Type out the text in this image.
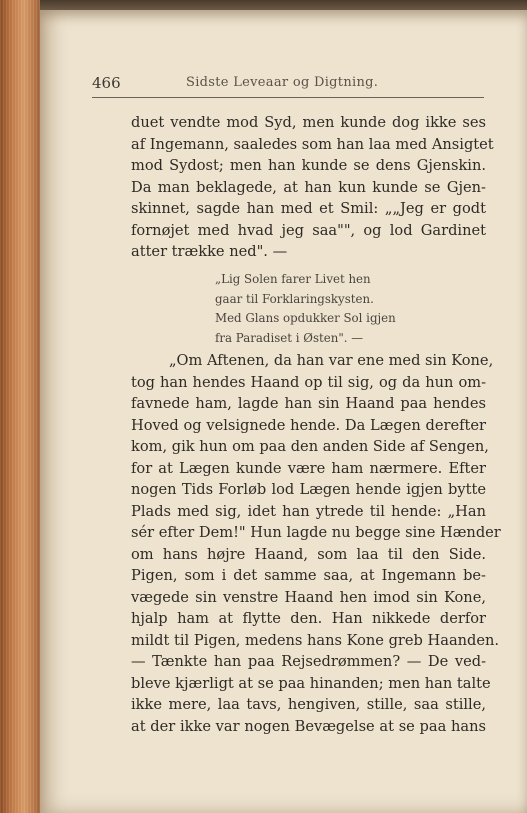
466	Sidste Leveaar og Digtning.
duet vendte mod Syd, men kunde dog ikke ses
af Ingemann, saaledes som han laa med Ansigtet
mod Sydost; men han kunde se dens Gjenskin.
Da man beklagede, at han kun kunde se Gjen-
skinnet, sagde han med et Smil: „„Jeg er godt
fornøjet med hvad jeg saa"", og lod Gardinet
atter trække ned". —
„Lig Solen farer Livet hen
gaar til Forklaringskysten.
Med Glans opdukker Sol igjen
fra Paradiset i Østen". —
„Om Aftenen, da han var ene med sin Kone,
tog han hendes Haand op til sig, og da hun om-
favnede ham, lagde han sin Haand paa hendes
Hoved og velsignede hende. Da Lægen derefter
kom, gik hun om paa den anden Side af Sengen,
for at Lægen kunde være ham nærmere. Efter
nogen Tids Forløb lod Lægen hende igjen bytte
Plads med sig, idet han ytrede til hende: „Han
sér efter Dem!" Hun lagde nu begge sine Hænder
om hans højre Haand, som laa til den Side.
Pigen, som i det samme saa, at Ingemann be-
vægede sin venstre Haand hen imod sin Kone,
hjalp ham at flytte den. Han nikkede derfor
mildt til Pigen, medens hans Kone greb Haanden.
— Tænkte han paa Rejsedrømmen? — De ved-
bleve kjærligt at se paa hinanden; men han talte
ikke mere, laa tavs, hengiven, stille, saa stille,
at der ikke var nogen Bevægelse at se paa hans
